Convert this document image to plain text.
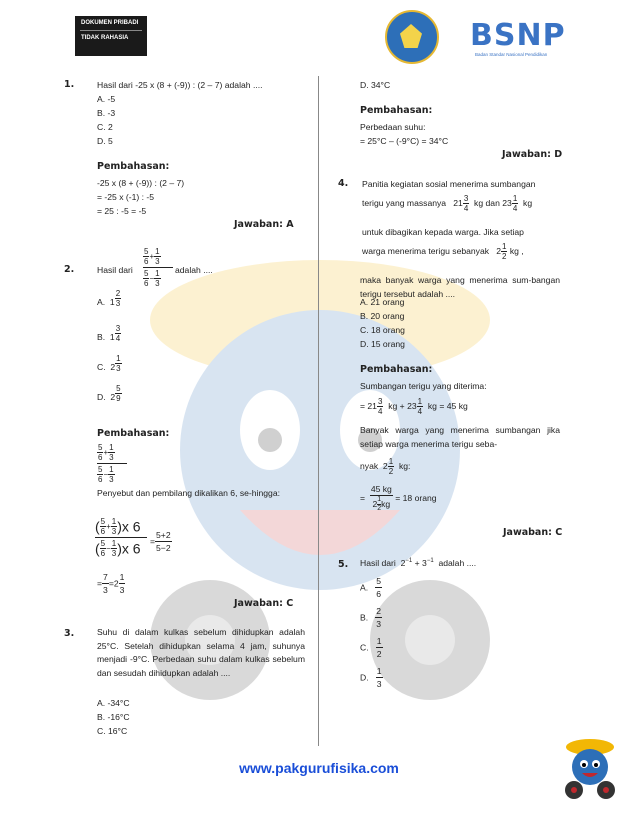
DOKUMEN PRIBADI
TIDAK RAHASIA	BSNP
Badan Standar Nasional Pendidikan
1.	Hasil dari -25 x (8 + (-9)) : (2 – 7) adalah ....
A. -5
B. -3
C. 2
D. 5
Pembahasan:
-25 x (8 + (-9)) : (2 – 7)
= -25 x (-1) : -5
= 25 : -5 = -5
Jawaban: A
2.	Hasil dari
$\frac{5}{6} + \frac{1}{3}$
$\frac{5}{6} - \frac{1}{3}$ adalah ....
A. $1 \frac{2}{3}$
B. $1 \frac{3}{4}$
C. $2 \frac{1}{3}$
D. $2 \frac{5}{9}$
Pembahasan:
$\frac{5}{6} + \frac{1}{3}$
$\frac{5}{6} - \frac{1}{3}$
Penyebut dan pembilang dikalikan 6, se-hingga:
( $\frac{5}{6} + \frac{1}{3} )x$ 6
( $\frac{5}{6} - \frac{1}{3} )x$ 6	= $\frac{5+2}{5-2}$
= $\frac{7}{3} =2 \frac{1}{3}$
Jawaban: C
3.	Suhu di dalam kulkas sebelum dihidupkan adalah 25°C. Setelah dihidupkan selama 4 jam, suhunya menjadi -9°C. Perbedaan suhu dalam kulkas sebelum dan sesudah dihidupkan adalah ....
A. -34°C
B. -16°C
C. 16°C
D. 34°C
Pembahasan:
Perbedaan suhu:
= 25°C – (-9°C) = 34°C
Jawaban: D
4. Panitia kegiatan sosial menerima sumbangan
terigu yang massanya   $21 \frac{3}{4}$ kg dan $23 \frac{1}{4}$ kg
untuk dibagikan kepada warga. Jika setiap
warga menerima terigu sebanyak   $2 \frac{1}{2}$ kg ,
maka banyak warga yang menerima sum-bangan terigu tersebut adalah ....
A. 21 orang
B. 20 orang
C. 18 orang
D. 15 orang
Pembahasan:
Sumbangan terigu yang diterima:
= $21 \frac{3}{4}$ kg + $23 \frac{1}{4}$ kg = 45 kg
Banyak warga yang menerima sumbangan jika setiap warga menerima terigu seba-
nyak  $2 \frac{1}{2}$ kg:
= $\frac{45 kg}{2 \frac{1}{2} kg} = 18$ orang
Jawaban: C
5. Hasil dari  $2^{-1} + 3^{-1}$ adalah ....
A. $\frac{5}{6}$
B. $\frac{2}{3}$
C. $\frac{1}{2}$
D. $\frac{1}{3}$
www.pakgurufisika.com
